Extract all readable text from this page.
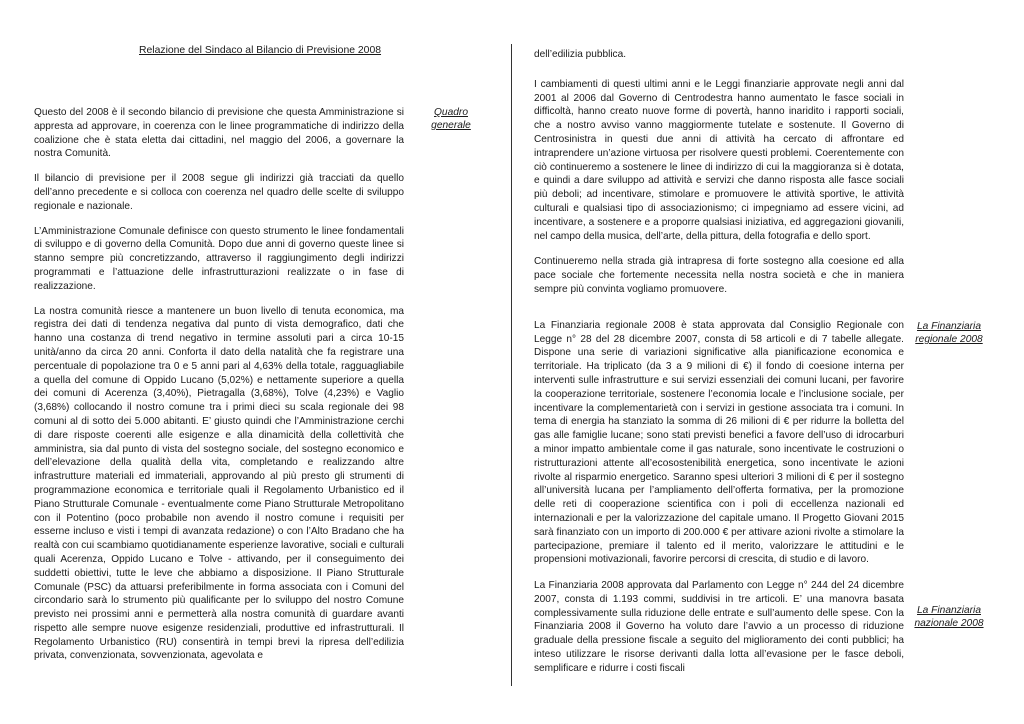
Relazione del Sindaco al Bilancio di Previsione 2008

Questo del 2008 è il secondo bilancio di previsione che questa Amministrazione si appresta ad approvare, in coerenza con le linee programmatiche di indirizzo della coalizione che è stata eletta dai cittadini, nel maggio del 2006, a governare la nostra Comunità.

Il bilancio di previsione per il 2008 segue gli indirizzi già tracciati da quello dell’anno precedente e si colloca con coerenza nel quadro delle scelte di sviluppo regionale e nazionale.

L’Amministrazione Comunale definisce con questo strumento le linee fondamentali di sviluppo e di governo della Comunità. Dopo due anni di governo queste linee si stanno sempre più concretizzando, attraverso il raggiungimento degli indirizzi programmati e l’attuazione delle infrastrutturazioni realizzate o in fase di realizzazione.

La nostra comunità riesce a mantenere un buon livello di tenuta economica, ma registra dei dati di tendenza negativa dal punto di vista demografico, dati che hanno una costanza di trend negativo in termine assoluti pari a circa 10-15 unità/anno da circa 20 anni. Conforta il dato della natalità che fa registrare una percentuale di popolazione tra 0 e 5 anni pari al 4,63% della totale, ragguagliabile a quella del comune di Oppido Lucano (5,02%) e nettamente superiore a quella dei comuni di Acerenza (3,40%), Pietragalla (3,68%), Tolve (4,23%) e Vaglio (3,68%) collocando il nostro comune tra i primi dieci su scala regionale dei 98 comuni al di sotto dei 5.000 abitanti. E’ giusto quindi che l’Amministrazione cerchi di dare risposte coerenti alle esigenze e alla dinamicità della collettività che amministra, sia dal punto di vista del sostegno sociale, del sostegno economico e dell’elevazione della qualità della vita, completando e realizzando altre infrastrutture materiali ed immateriali, approvando al più presto gli strumenti di programmazione economica e territoriale quali il Regolamento Urbanistico ed il Piano Strutturale Comunale - eventualmente come Piano Strutturale Metropolitano con il Potentino (poco probabile non avendo il nostro comune i requisiti per esserne incluso e visti i tempi di avanzata redazione) o con l’Alto Bradano che ha realtà con cui scambiamo quotidianamente esperienze lavorative, sociali e culturali quali Acerenza, Oppido Lucano e Tolve - attivando, per il conseguimento dei suddetti obiettivi, tutte le leve che abbiamo a disposizione. Il Piano Strutturale Comunale (PSC) da attuarsi preferibilmente in forma associata con i Comuni del circondario sarà lo strumento più qualificante per lo sviluppo del nostro Comune previsto nei prossimi anni e permetterà alla nostra comunità di guardare avanti rispetto alle sempre nuove esigenze residenziali, produttive ed infrastrutturali. Il Regolamento Urbanistico (RU) consentirà in tempi brevi la ripresa dell’edilizia privata, convenzionata, sovvenzionata, agevolata e

Quadro generale

dell’edilizia pubblica.

I cambiamenti di questi ultimi anni e le Leggi finanziarie approvate negli anni dal 2001 al 2006 dal Governo di Centrodestra hanno aumentato le fasce sociali in difficoltà, hanno creato nuove forme di povertà, hanno inaridito i rapporti sociali, che a nostro avviso vanno maggiormente tutelate e sostenute. Il Governo di Centrosinistra in questi due anni di attività ha cercato di affrontare ed intraprendere un’azione virtuosa per risolvere questi problemi. Coerentemente con ciò continueremo a sostenere le linee di indirizzo di cui la maggioranza si è dotata, e quindi a dare sviluppo ad attività e servizi che danno risposta alle fasce sociali più deboli; ad incentivare, stimolare e promuovere le attività sportive, le attività culturali e qualsiasi tipo di associazionismo; ci impegniamo ad essere vicini, ad incentivare, a sostenere e a proporre qualsiasi iniziativa, ed aggregazioni giovanili, nel campo della musica, dell’arte, della pittura, della fotografia e dello sport.

Continueremo nella strada già intrapresa di forte sostegno alla coesione ed alla pace sociale che fortemente necessita nella nostra società e che in maniera sempre più convinta vogliamo promuovere.

La Finanziaria regionale 2008 è stata approvata dal Consiglio Regionale con Legge n° 28 del 28 dicembre 2007, consta di 58 articoli e di 7 tabelle allegate. Dispone una serie di variazioni significative alla pianificazione economica e territoriale. Ha triplicato (da 3 a 9 milioni di €) il fondo di coesione interna per interventi sulle infrastrutture e sui servizi essenziali dei comuni lucani, per favorire la cooperazione territoriale, sostenere l’economia locale e l’inclusione sociale, per incentivare la complementarietà con i servizi in gestione associata tra i comuni. In tema di energia ha stanziato la somma di 26 milioni di € per ridurre la bolletta del gas alle famiglie lucane; sono stati previsti benefici a favore dell’uso di idrocarburi a minor impatto ambientale come il gas naturale, sono incentivate le costruzioni o ristrutturazioni attente all’ecosostenibilità energetica, sono incentivate le azioni rivolte al risparmio energetico. Saranno spesi ulteriori 3 milioni di € per il sostegno all’università lucana per l’ampliamento dell’offerta formativa, per la promozione delle reti di cooperazione scientifica con i poli di eccellenza nazionali ed internazionali e per la valorizzazione del capitale umano. Il Progetto Giovani 2015 sarà finanziato con un importo di 200.000 € per attivare azioni rivolte a stimolare la partecipazione, premiare il talento ed il merito, valorizzare le attitudini e le propensioni motivazionali, favorire percorsi di crescita, di studio e di lavoro.

La Finanziaria 2008 approvata dal Parlamento con Legge n° 244 del 24 dicembre 2007, consta di 1.193 commi, suddivisi in tre articoli. E’ una manovra basata complessivamente sulla riduzione delle entrate e sull’aumento delle spese. Con la Finanziaria 2008 il Governo ha voluto dare l’avvio a un processo di riduzione graduale della pressione fiscale a seguito del miglioramento dei conti pubblici; ha inteso utilizzare le risorse derivanti dalla lotta all’evasione per le fasce deboli, semplificare e ridurre i costi fiscali

La Finanziaria regionale 2008
La Finanziaria nazionale 2008
